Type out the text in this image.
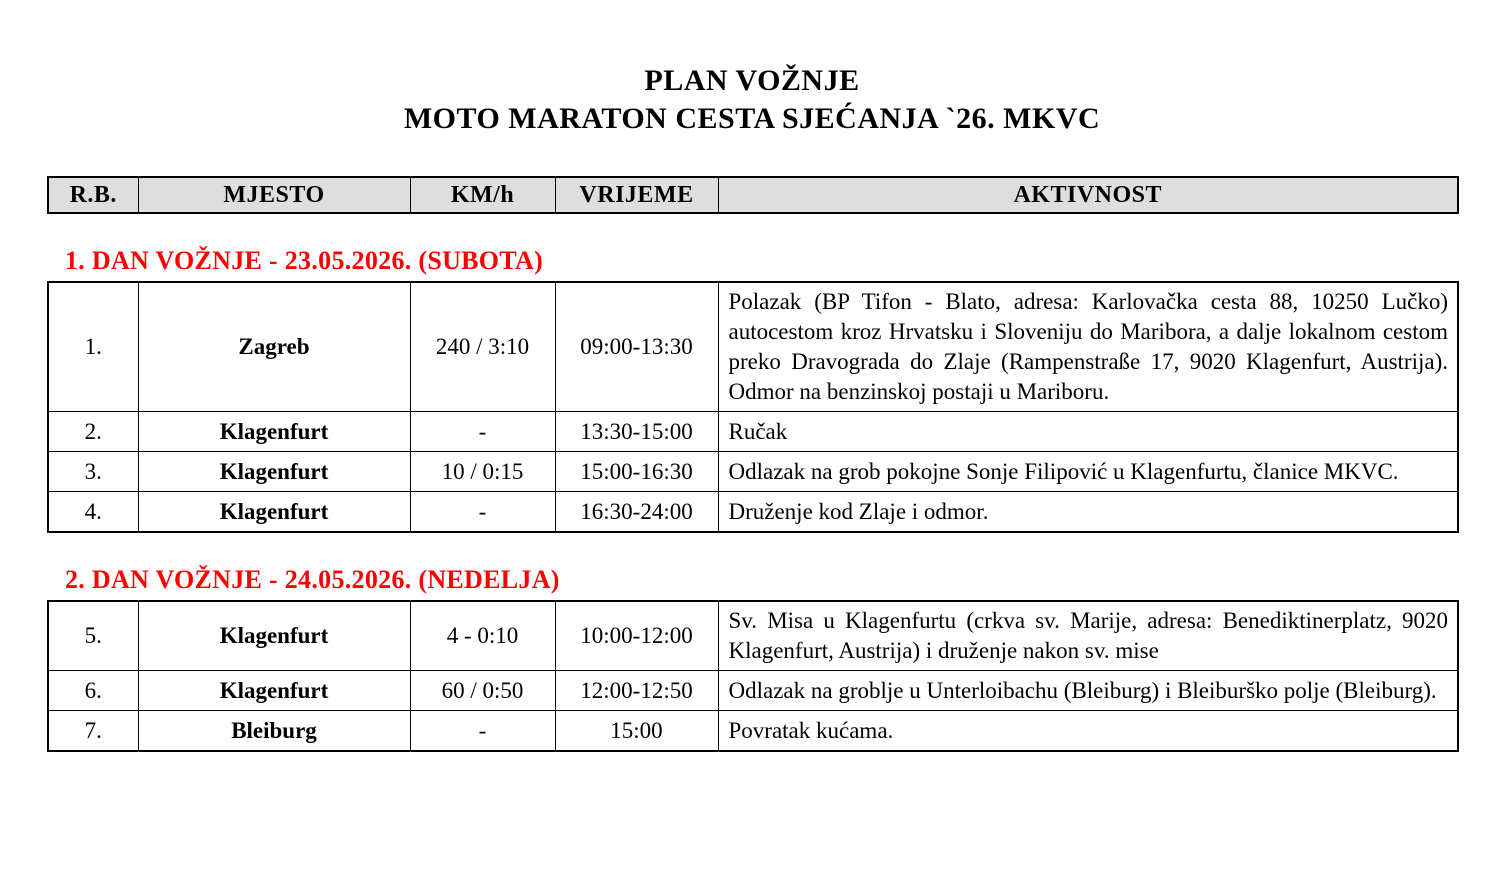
PLAN VOŽNJE
MOTO MARATON CESTA SJEĆANJA `26. MKVC
R.B.	MJESTO	KM/h	VRIJEME	AKTIVNOST
1. DAN VOŽNJE - 23.05.2026. (SUBOTA)
1.	Zagreb	240 / 3:10	09:00-13:30	Polazak (BP Tifon - Blato, adresa: Karlovačka cesta 88, 10250 Lučko) autocestom kroz Hrvatsku i Sloveniju do Maribora, a dalje lokalnom cestom preko Dravograda do Zlaje (Rampenstraße 17, 9020 Klagenfurt, Austrija). Odmor na benzinskoj postaji u Mariboru.
2.	Klagenfurt	-	13:30-15:00	Ručak
3.	Klagenfurt	10 / 0:15	15:00-16:30	Odlazak na grob pokojne Sonje Filipović u Klagenfurtu, članice MKVC.
4.	Klagenfurt	-	16:30-24:00	Druženje kod Zlaje i odmor.
2. DAN VOŽNJE - 24.05.2026. (NEDELJA)
5.	Klagenfurt	4 - 0:10	10:00-12:00	Sv. Misa u Klagenfurtu (crkva sv. Marije, adresa: Benediktinerplatz, 9020 Klagenfurt, Austrija) i druženje nakon sv. mise
6.	Klagenfurt	60 / 0:50	12:00-12:50	Odlazak na groblje u Unterloibachu (Bleiburg) i Bleiburško polje (Bleiburg).
7.	Bleiburg	-	15:00	Povratak kućama.
